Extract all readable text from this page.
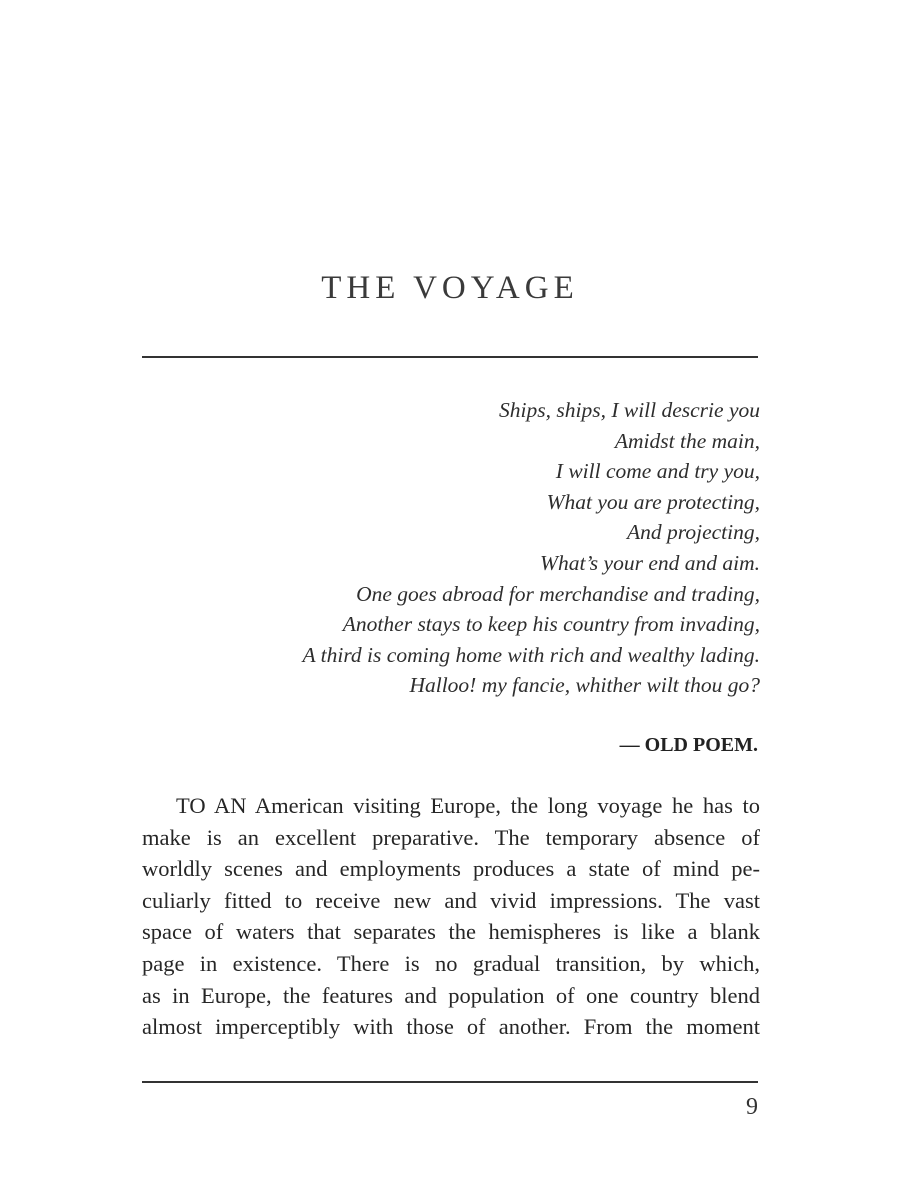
THE VOYAGE
Ships, ships, I will descrie you
Amidst the main,
I will come and try you,
What you are protecting,
And projecting,
What’s your end and aim.
One goes abroad for merchandise and trading,
Another stays to keep his country from invading,
A third is coming home with rich and wealthy lading.
Halloo! my fancie, whither wilt thou go?
— OLD POEM.

TO AN American visiting Europe, the long voyage he has to
make is an excellent preparative. The temporary absence of
worldly scenes and employments produces a state of mind pe-
culiarly fitted to receive new and vivid impressions. The vast
space of waters that separates the hemispheres is like a blank
page in existence. There is no gradual transition, by which,
as in Europe, the features and population of one country blend
almost imperceptibly with those of another. From the moment

9
